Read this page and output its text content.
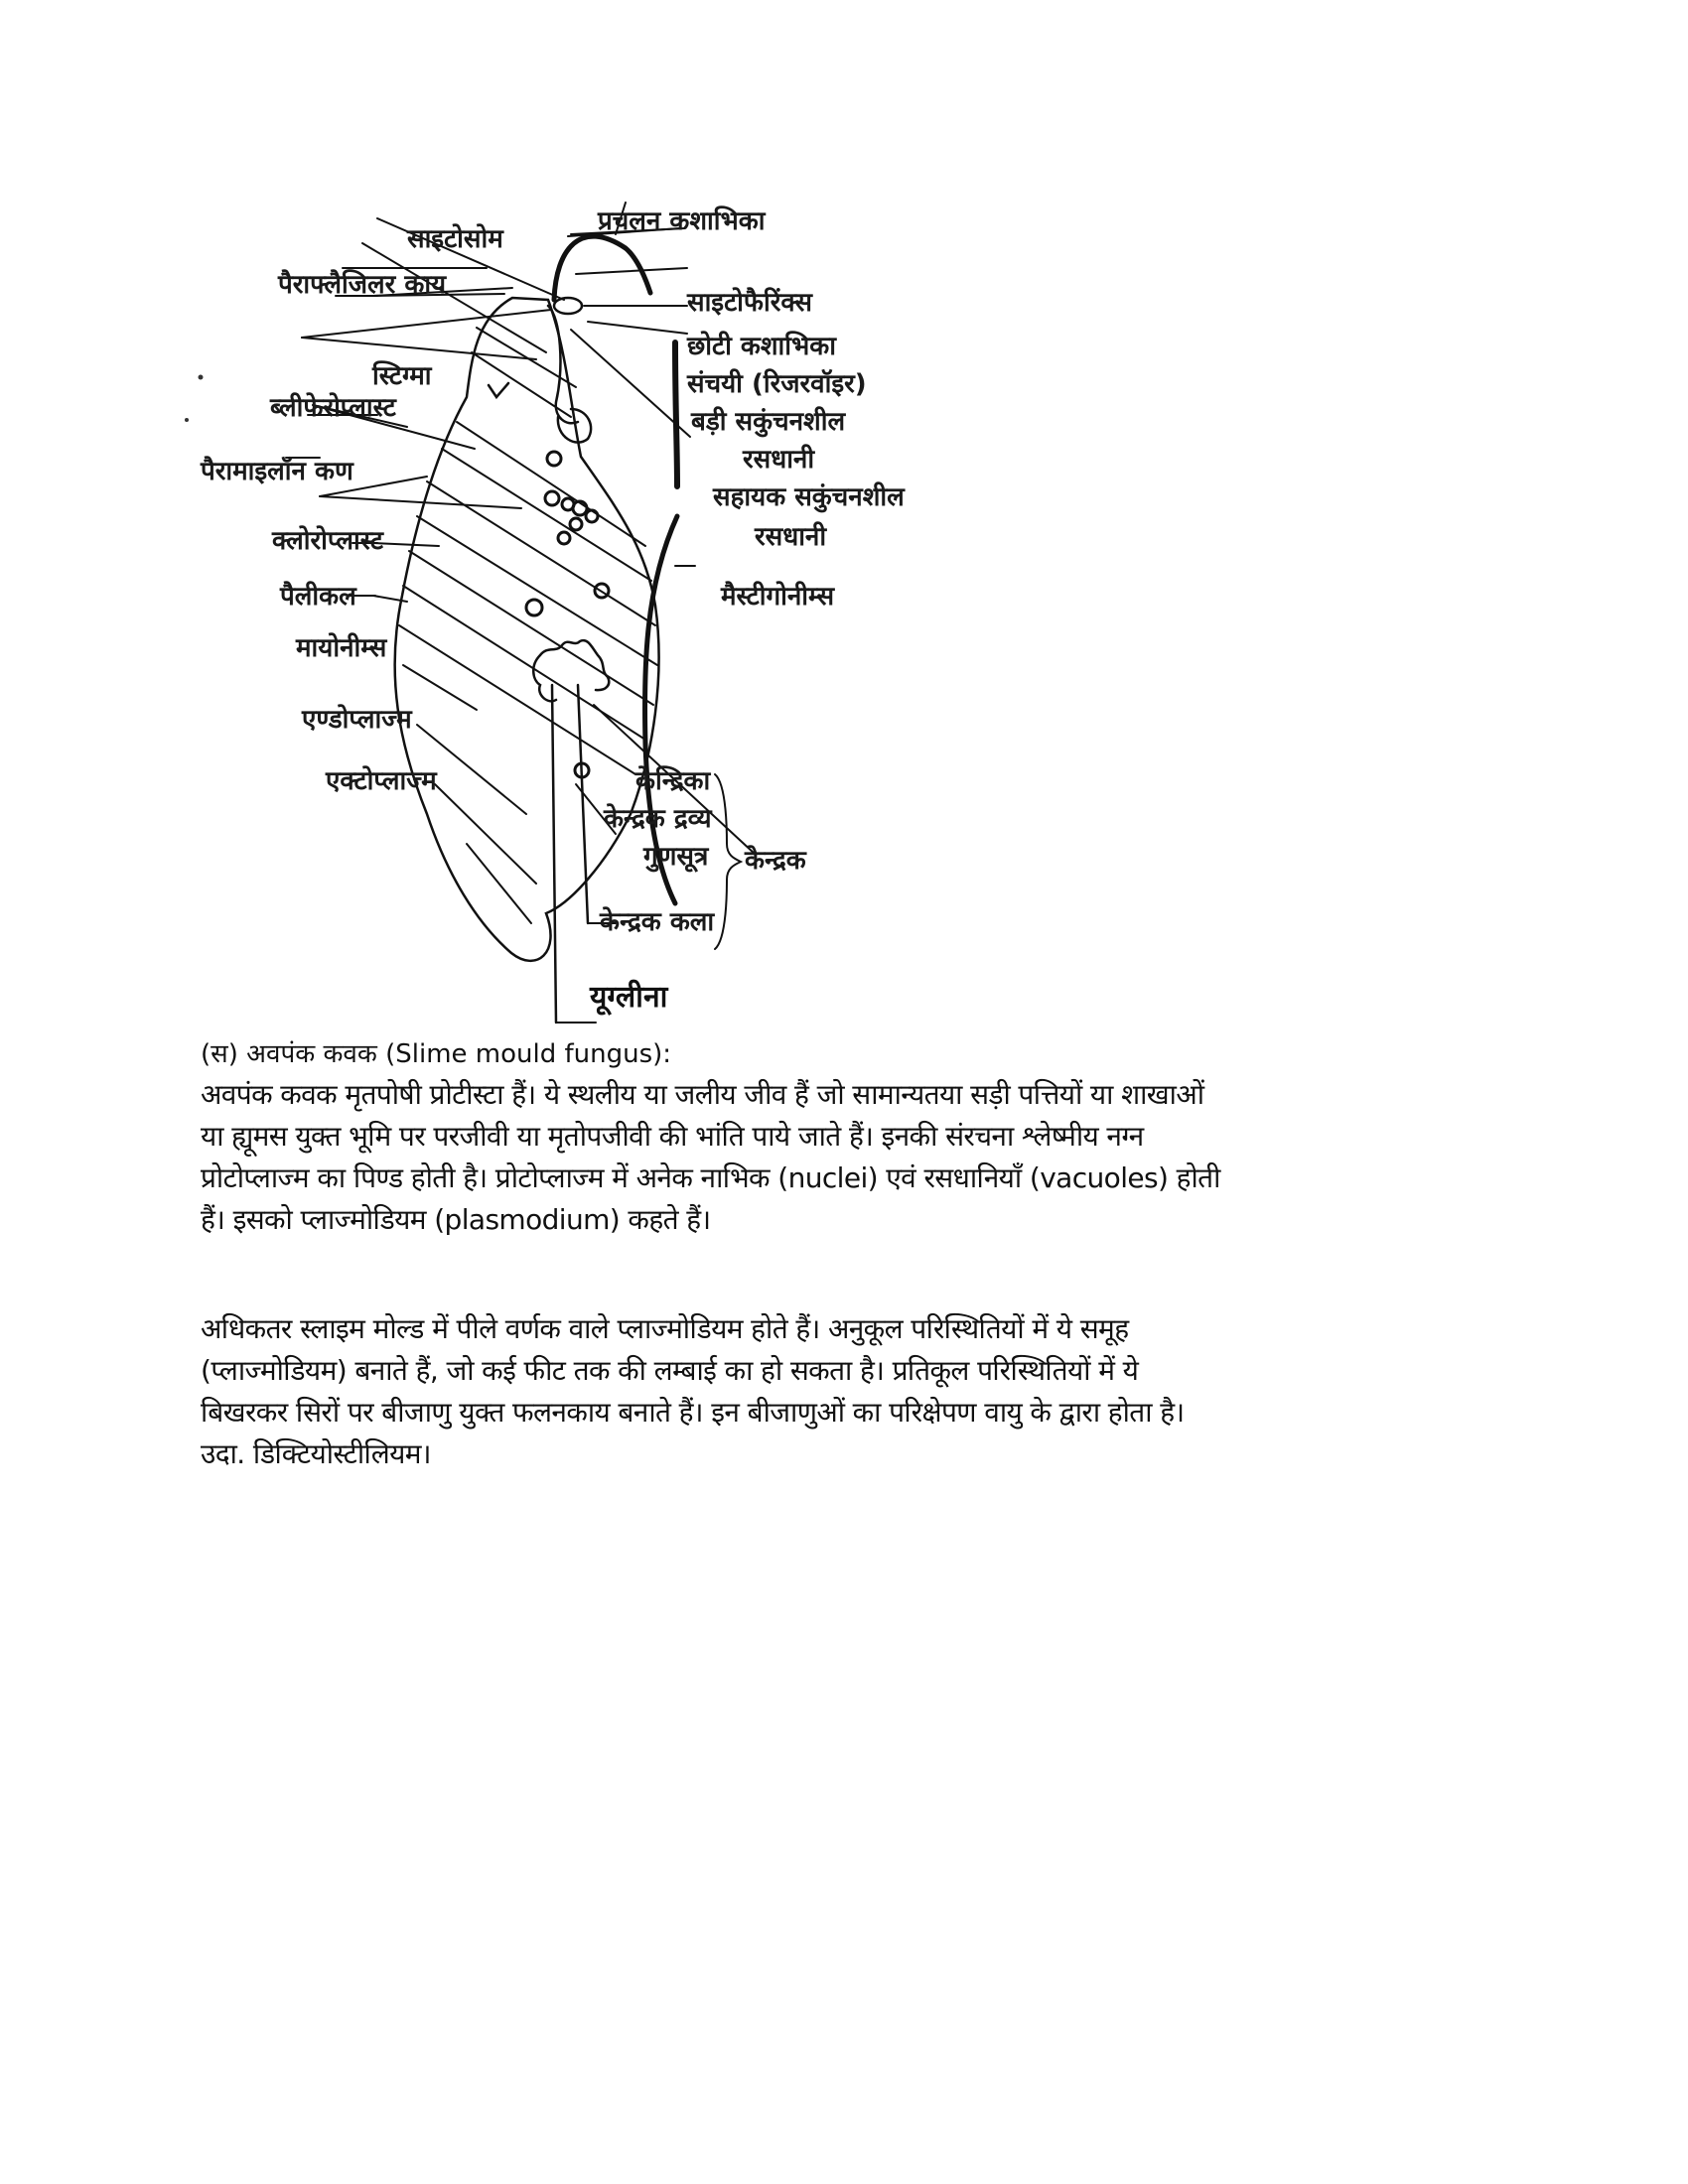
साइटोसोम
प्रचलन कशाभिका
पैराफ्लैजिलर काय
साइटोफैरिंक्स
छोटी कशाभिका
स्टिग्मा	संचयी (रिजरवॉइर)
ब्लीफेरोप्लास्ट	बड़ी सकुंचनशील
रसधानी
पैरामाइलॉन कण
सहायक सकुंचनशील
रसधानी
क्लोरोप्लास्ट
मैस्टीगोनीम्स
पैलीकल
मायोनीम्स
एण्डोप्लाज्म
एक्टोप्लाज्म	केन्द्रिका
केन्द्रक द्रव्य
गुणसूत्र केन्द्रक
केन्द्रक कला
यूग्लीना
(स) अवपंक कवक (Slime mould fungus):
अवपंक कवक मृतपोषी प्रोटीस्टा हैं। ये स्थलीय या जलीय जीव हैं जो सामान्यतया सड़ी पत्तियों या शाखाओं
या ह्यूमस युक्त भूमि पर परजीवी या मृतोपजीवी की भांति पाये जाते हैं। इनकी संरचना श्लेष्मीय नग्न
प्रोटोप्लाज्म का पिण्ड होती है। प्रोटोप्लाज्म में अनेक नाभिक (nuclei) एवं रसधानियाँ (vacuoles) होती
हैं। इसको प्लाज्मोडियम (plasmodium) कहते हैं।
अधिकतर स्लाइम मोल्ड में पीले वर्णक वाले प्लाज्मोडियम होते हैं। अनुकूल परिस्थितियों में ये समूह
(प्लाज्मोडियम) बनाते हैं, जो कई फीट तक की लम्बाई का हो सकता है। प्रतिकूल परिस्थितियों में ये
बिखरकर सिरों पर बीजाणु युक्त फलनकाय बनाते हैं। इन बीजाणुओं का परिक्षेपण वायु के द्वारा होता है।
उदा. डिक्टियोस्टीलियम।
